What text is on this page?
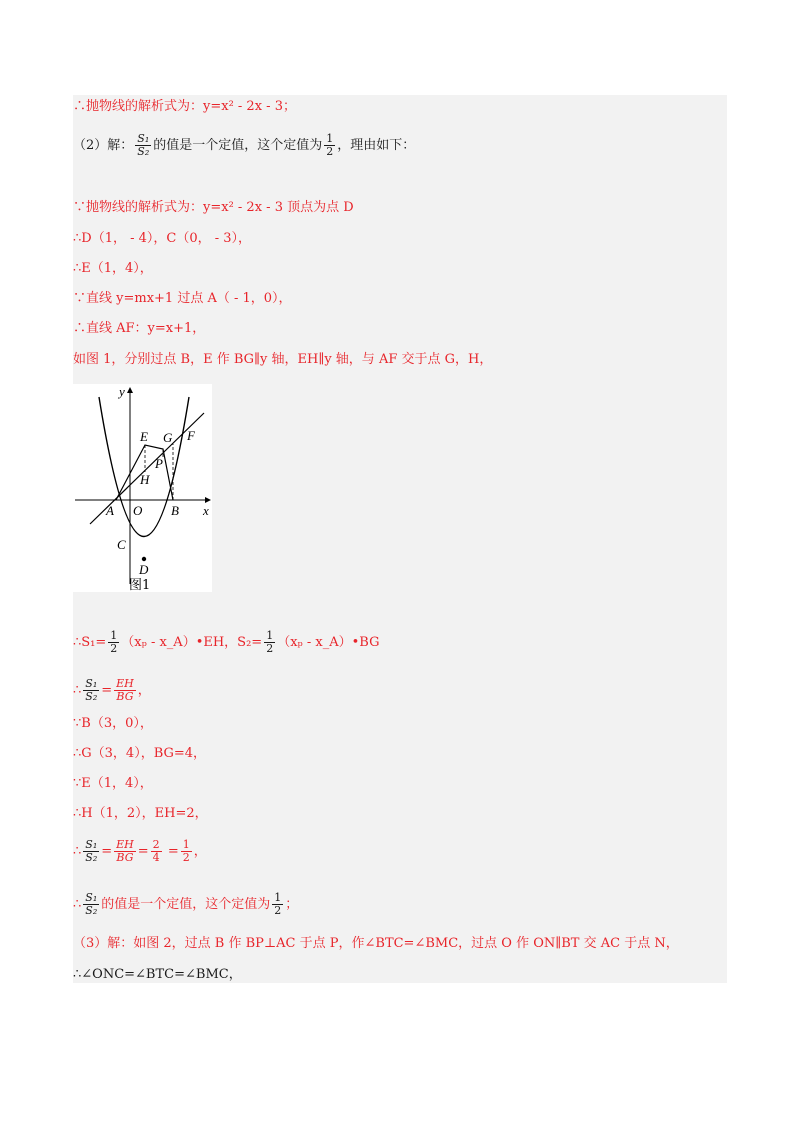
∴抛物线的解析式为：y=x² - 2x - 3；
（2）解： $\frac{\text{S₁}}{\text{S₂}}$ 的值是一个定值，这个定值为 $\frac{1}{2}$ ，理由如下：
∵抛物线的解析式为：y=x² - 2x - 3 顶点为点 D
∴D（1， - 4），C（0， - 3），
∴E（1，4），
∵直线 y=mx+1 过点 A（ - 1，0），
∴直线 AF：y=x+1，
如图 1，分别过点 B，E 作 BG∥y 轴，EH∥y 轴，与 AF 交于点 G，H，
y
x
E G F
P
H
A O B
C
D
图1
∴S₁= $\frac{1}{2} (x_p$ - x_A）•EH，$S_2= \frac{1}{2} (x_p$ - x_A）•BG
∴ $\frac{\text{S₁}}{\text{S₂}} = \frac{EH}{BG}$ ，
∵B（3，0），
∴G（3，4），BG=4，
∵E（1，4），
∴H（1，2），EH=2，
∴ $\frac{\text{S₁}}{\text{S₂}} = \frac{EH}{BG} = \frac{2}{4} = \frac{1}{2}$ ，
∴ $\frac{\text{S₁}}{\text{S₂}}$ 的值是一个定值，这个定值为 $\frac{1}{2}$ ；
（3）解：如图 2，过点 B 作 BP⊥AC 于点 P，作∠BTC=∠BMC，过点 O 作 ON∥BT 交 AC 于点 N，
∴∠ONC=∠BTC=∠BMC，
